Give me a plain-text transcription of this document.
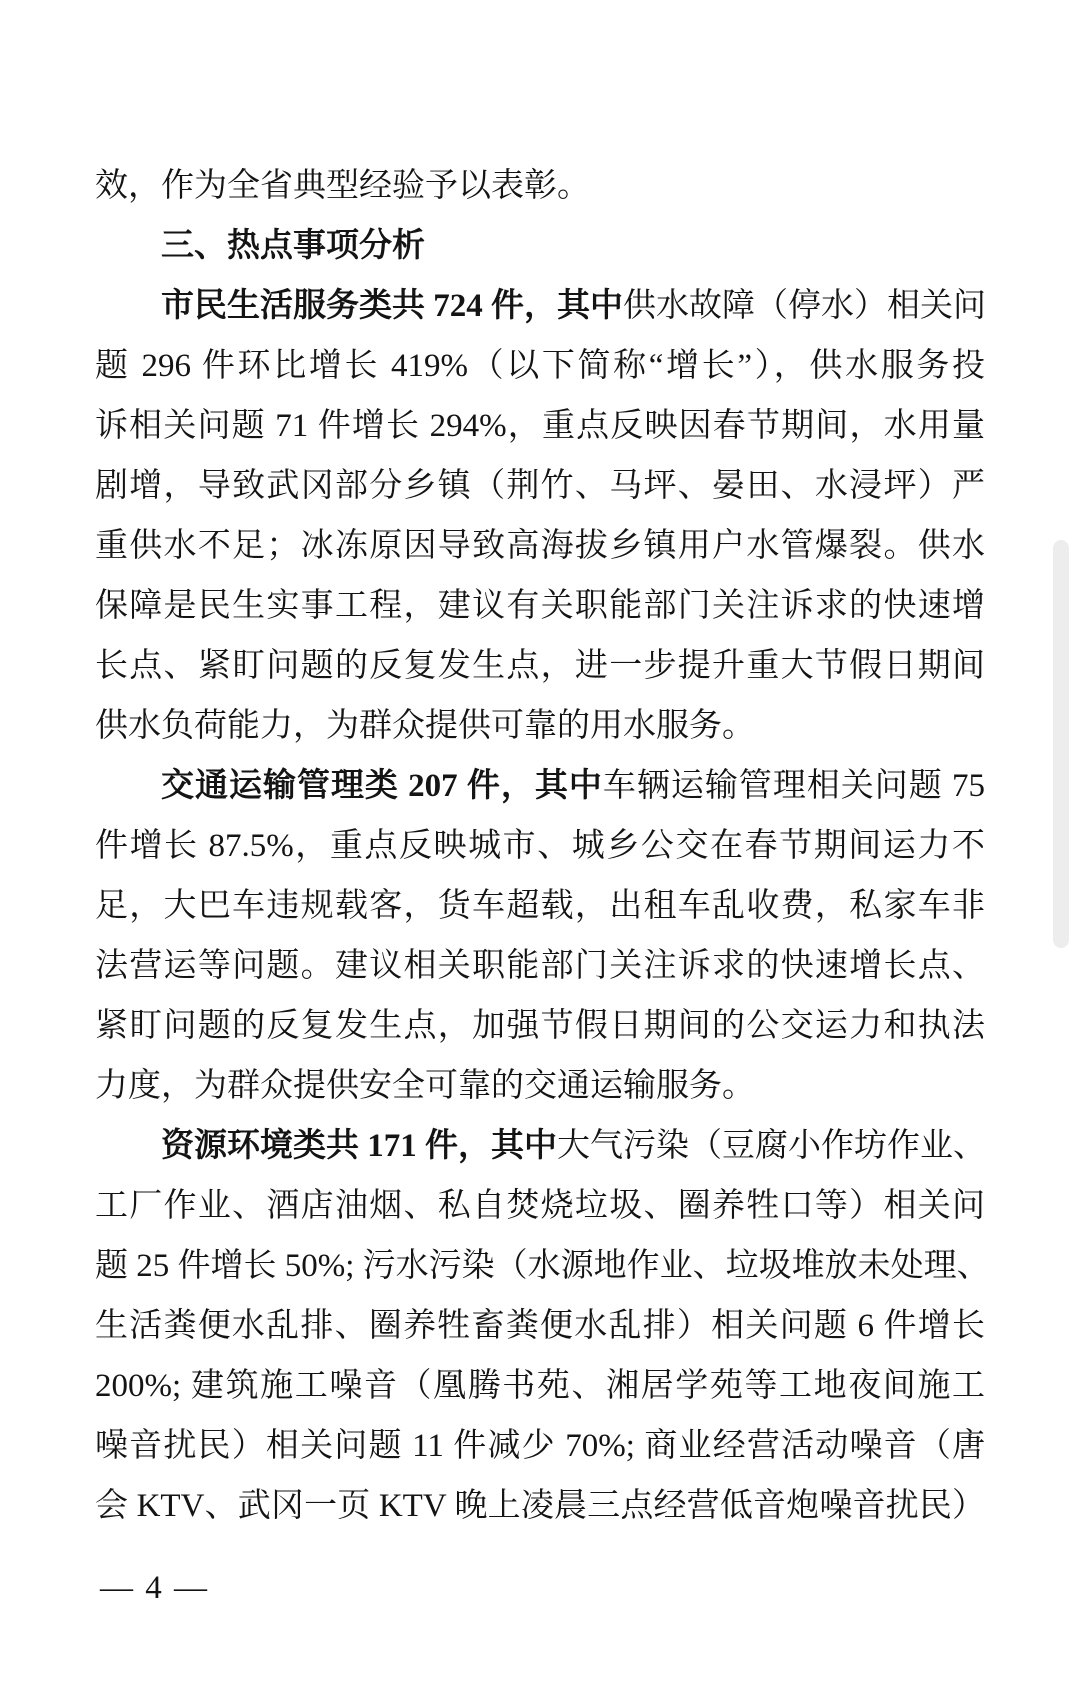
效，作为全省典型经验予以表彰。
三、热点事项分析
市民生活服务类共 724 件，其中供水故障（停水）相关问
题 296 件环比增长 419%（以下简称“增长”），供水服务投
诉相关问题 71 件增长 294%，重点反映因春节期间，水用量
剧增，导致武冈部分乡镇（荆竹、马坪、晏田、水浸坪）严
重供水不足；冰冻原因导致高海拔乡镇用户水管爆裂。供水
保障是民生实事工程，建议有关职能部门关注诉求的快速增
长点、紧盯问题的反复发生点，进一步提升重大节假日期间
供水负荷能力，为群众提供可靠的用水服务。
交通运输管理类 207 件，其中车辆运输管理相关问题 75
件增长 87.5%，重点反映城市、城乡公交在春节期间运力不
足，大巴车违规载客，货车超载，出租车乱收费，私家车非
法营运等问题。建议相关职能部门关注诉求的快速增长点、
紧盯问题的反复发生点，加强节假日期间的公交运力和执法
力度，为群众提供安全可靠的交通运输服务。
资源环境类共 171 件，其中大气污染（豆腐小作坊作业、
工厂作业、酒店油烟、私自焚烧垃圾、圈养牲口等）相关问
题 25 件增长 50%; 污水污染（水源地作业、垃圾堆放未处理、
生活粪便水乱排、圈养牲畜粪便水乱排）相关问题 6 件增长
200%; 建筑施工噪音（凰腾书苑、湘居学苑等工地夜间施工
噪音扰民）相关问题 11 件减少 70%; 商业经营活动噪音（唐
会 KTV、武冈一页 KTV 晚上凌晨三点经营低音炮噪音扰民）
— 4 —
